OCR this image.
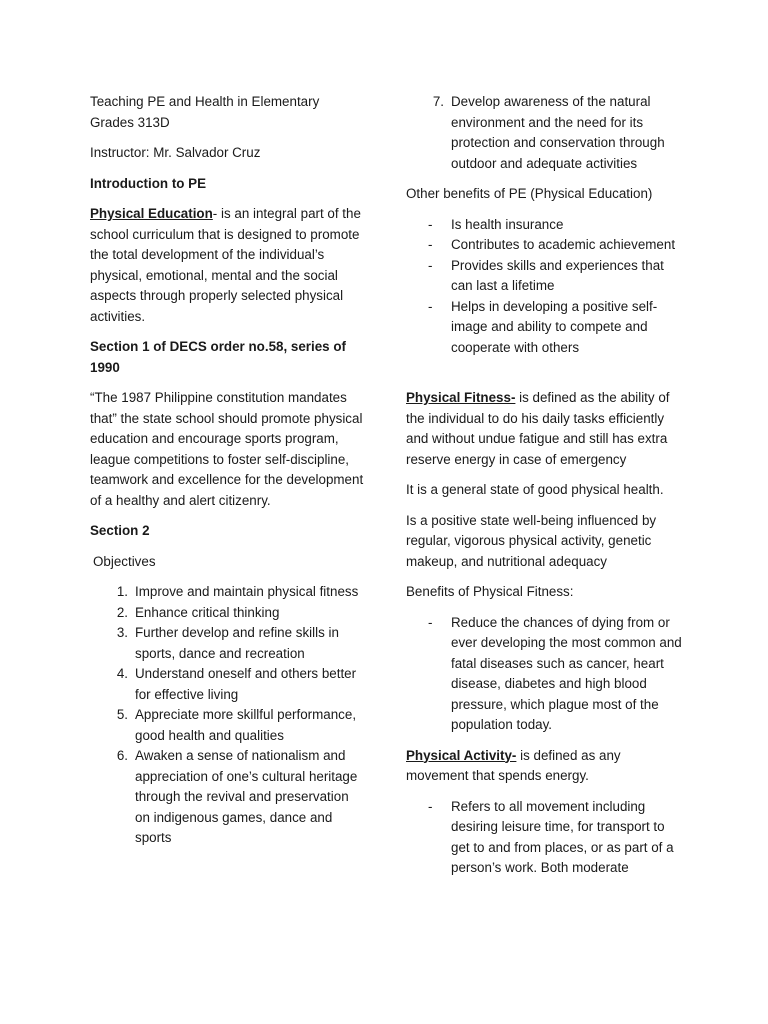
Teaching PE and Health in Elementary Grades 313D

Instructor: Mr. Salvador Cruz

Introduction to PE

Physical Education- is an integral part of the school curriculum that is designed to promote the total development of the individual’s physical, emotional, mental and the social aspects through properly selected physical activities.

Section 1 of DECS order no.58, series of 1990

“The 1987 Philippine constitution mandates that” the state school should promote physical education and encourage sports program, league competitions to foster self-discipline, teamwork and excellence for the development of a healthy and alert citizenry.

Section 2

Objectives

1. Improve and maintain physical fitness
2. Enhance critical thinking
3. Further develop and refine skills in sports, dance and recreation
4. Understand oneself and others better for effective living
5. Appreciate more skillful performance, good health and qualities
6. Awaken a sense of nationalism and appreciation of one’s cultural heritage through the revival and preservation on indigenous games, dance and sports
7. Develop awareness of the natural environment and the need for its protection and conservation through outdoor and adequate activities

Other benefits of PE (Physical Education)

- Is health insurance
- Contributes to academic achievement
- Provides skills and experiences that can last a lifetime
- Helps in developing a positive self-image and ability to compete and cooperate with others

Physical Fitness- is defined as the ability of the individual to do his daily tasks efficiently and without undue fatigue and still has extra reserve energy in case of emergency

It is a general state of good physical health.

Is a positive state well-being influenced by regular, vigorous physical activity, genetic makeup, and nutritional adequacy

Benefits of Physical Fitness:

- Reduce the chances of dying from or ever developing the most common and fatal diseases such as cancer, heart disease, diabetes and high blood pressure, which plague most of the population today.

Physical Activity- is defined as any movement that spends energy.

- Refers to all movement including desiring leisure time, for transport to get to and from places, or as part of a person’s work. Both moderate
